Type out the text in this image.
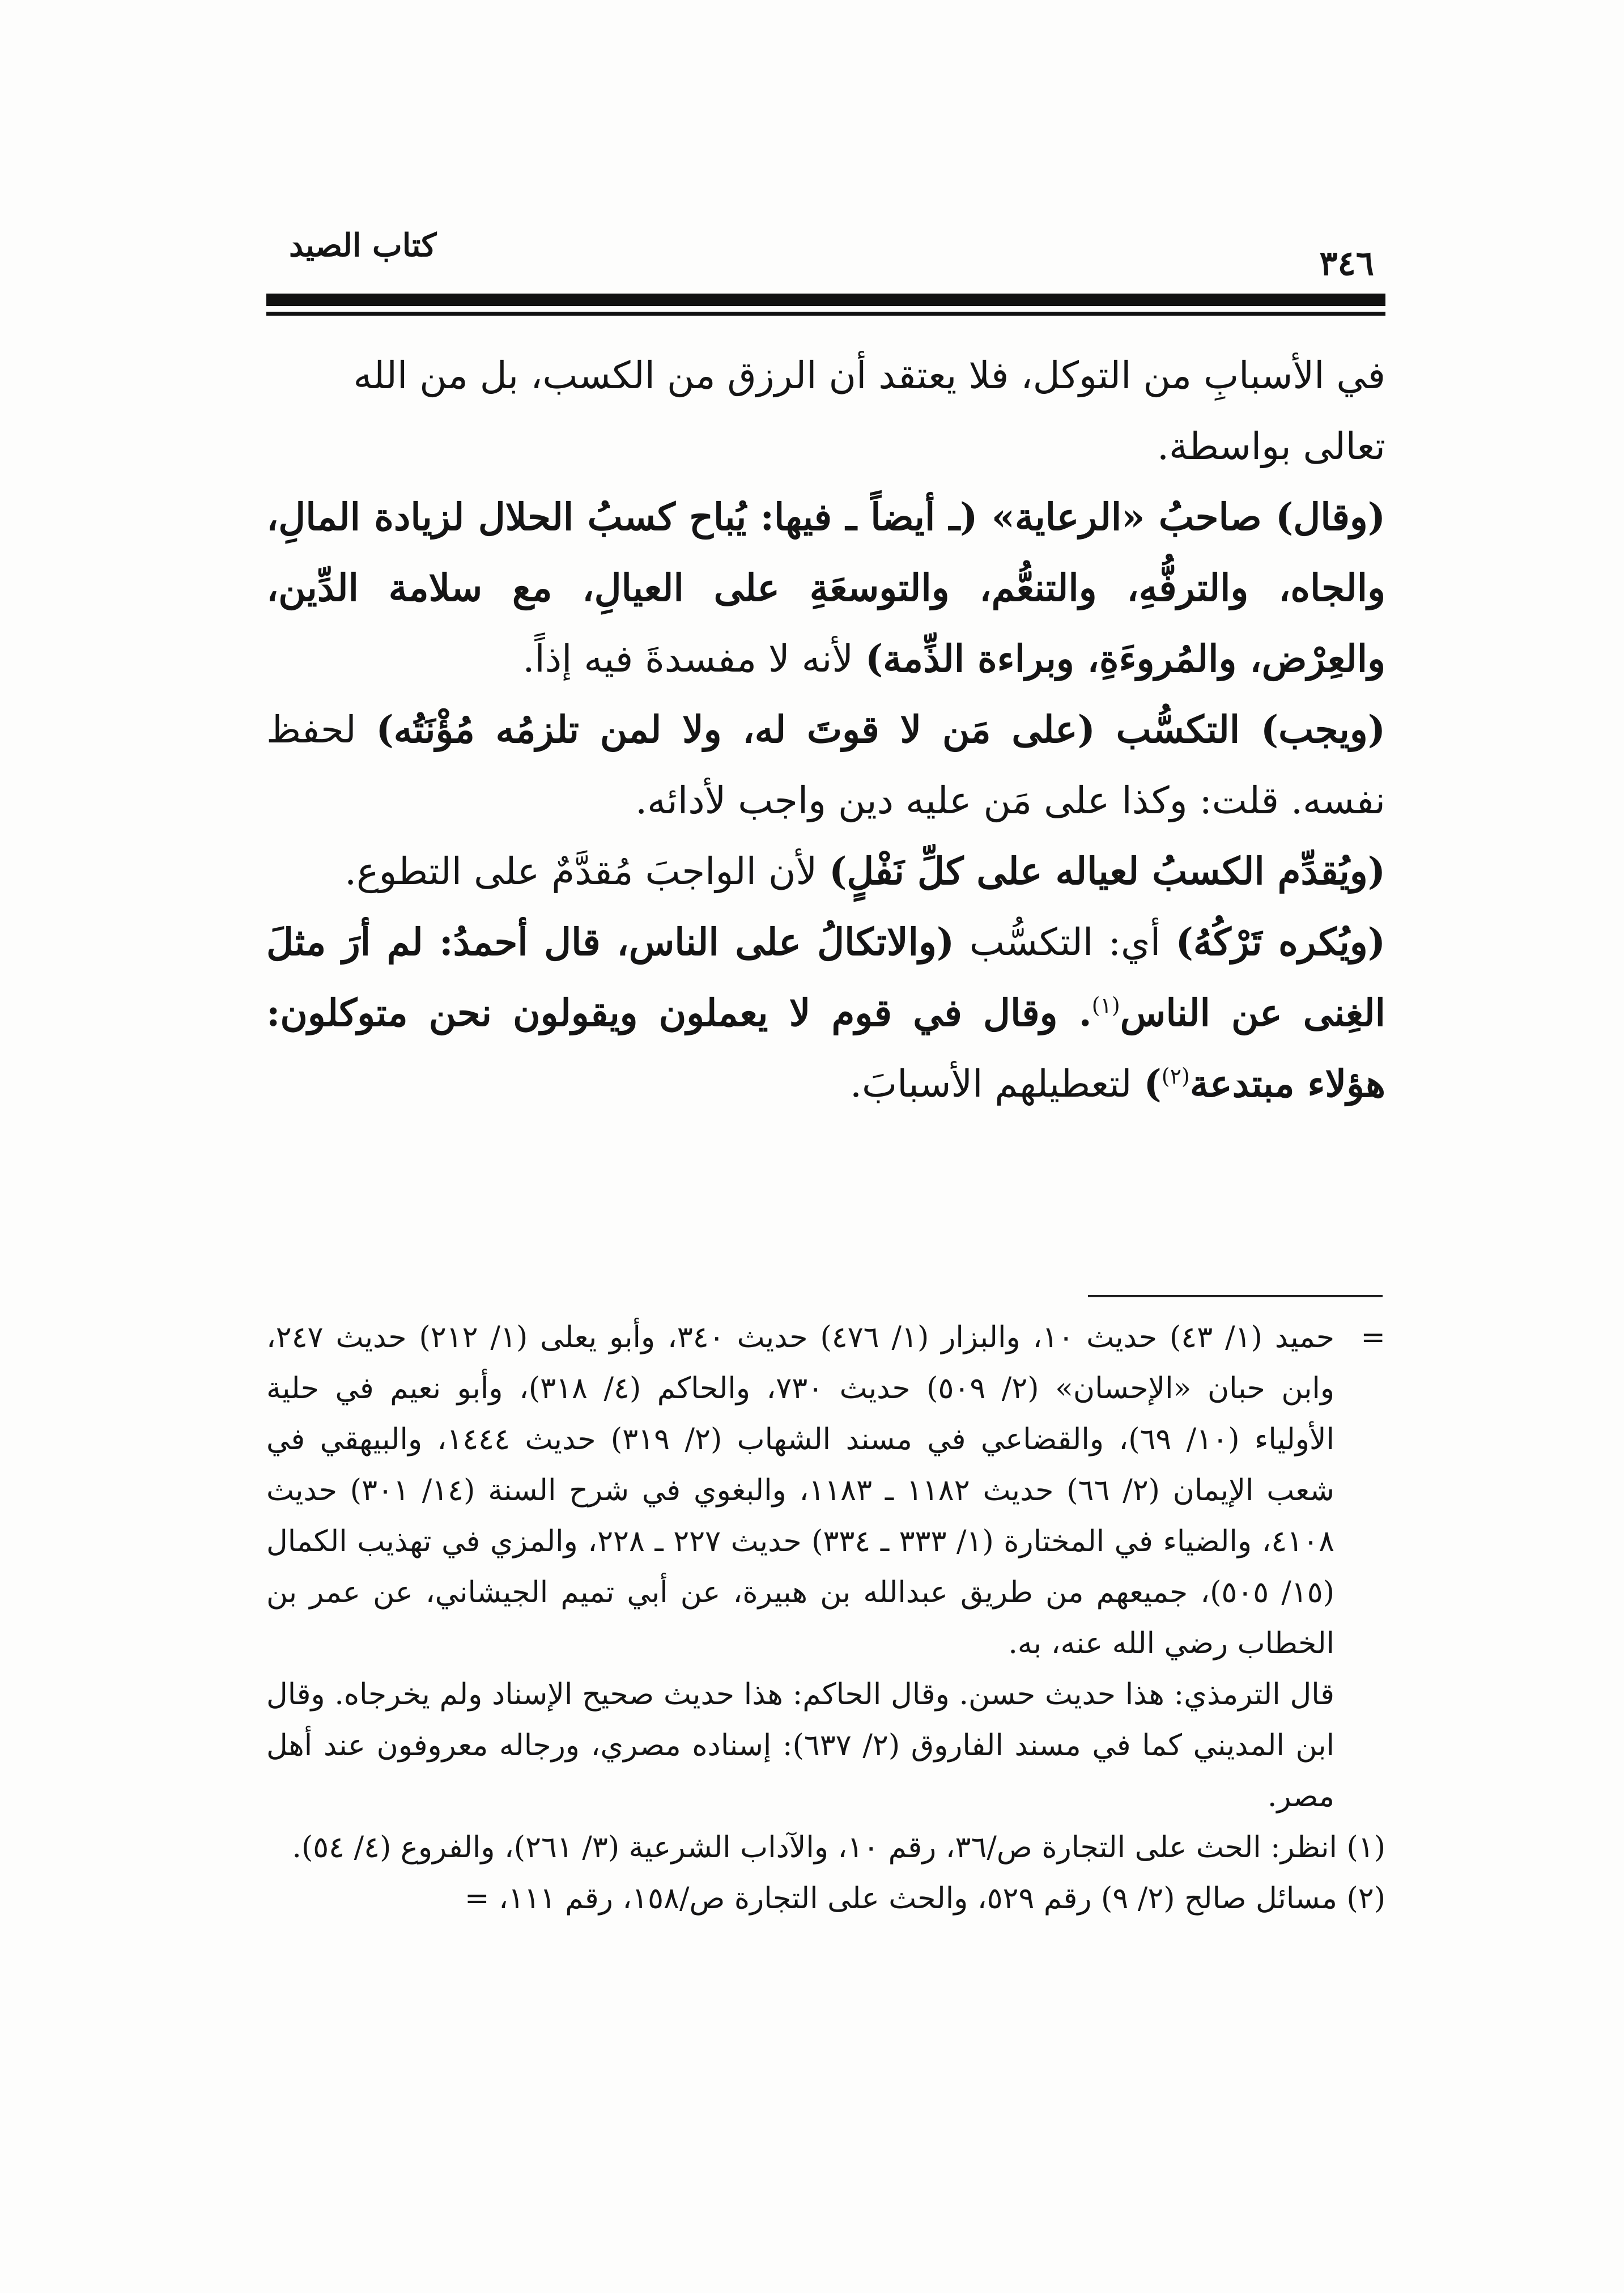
كتاب الصيد	٣٤٦

في الأسبابِ من التوكل، فلا يعتقد أن الرزق من الكسب، بل من الله
تعالى بواسطة.

(وقال) صاحبُ «الرعاية» (ـ أيضاً ـ فيها: يُباح كسبُ الحلال لزيادة المالِ، والجاه، والترفُّهِ، والتنعُّم، والتوسعَةِ على العيالِ، مع سلامة الدِّين، والعِرْض، والمُروءَةِ، وبراءة الذِّمة) لأنه لا مفسدةَ فيه إذاً.

(ويجب) التكسُّب (على مَن لا قوتَ له، ولا لمن تلزمُه مُؤْنَتُه) لحفظ نفسه. قلت: وكذا على مَن عليه دين واجب لأدائه.

(ويُقدِّم الكسبُ لعياله على كلِّ نَفْلٍ) لأن الواجبَ مُقدَّمٌ على التطوع.

(ويُكره تَرْكُهُ) أي: التكسُّب (والاتكالُ على الناس، قال أحمدُ: لم أرَ مثلَ الغِنى عن الناس$^{(١)}$. وقال في قوم لا يعملون ويقولون نحن متوكلون: هؤلاء مبتدعة$^{(٢)}$) لتعطيلهم الأسبابَ.

=
حميد (١/ ٤٣) حديث ١٠، والبزار (١/ ٤٧٦) حديث ٣٤٠، وأبو يعلى (١/ ٢١٢) حديث ٢٤٧، وابن حبان «الإحسان» (٢/ ٥٠٩) حديث ٧٣٠، والحاكم (٤/ ٣١٨)، وأبو نعيم في حلية الأولياء (١٠/ ٦٩)، والقضاعي في مسند الشهاب (٢/ ٣١٩) حديث ١٤٤٤، والبيهقي في شعب الإيمان (٢/ ٦٦) حديث ١١٨٢ ـ ١١٨٣، والبغوي في شرح السنة (١٤/ ٣٠١) حديث ٤١٠٨، والضياء في المختارة (١/ ٣٣٣ ـ ٣٣٤) حديث ٢٢٧ ـ ٢٢٨، والمزي في تهذيب الكمال (١٥/ ٥٠٥)، جميعهم من طريق عبدالله بن هبيرة، عن أبي تميم الجيشاني، عن عمر بن الخطاب رضي الله عنه، به.

قال الترمذي: هذا حديث حسن. وقال الحاكم: هذا حديث صحيح الإسناد ولم يخرجاه. وقال ابن المديني كما في مسند الفاروق (٢/ ٦٣٧): إسناده مصري، ورجاله معروفون عند أهل مصر.

(١) انظر: الحث على التجارة ص/٣٦، رقم ١٠، والآداب الشرعية (٣/ ٢٦١)، والفروع (٤/ ٥٤).

(٢) مسائل صالح (٢/ ٩) رقم ٥٢٩، والحث على التجارة ص/١٥٨، رقم ١١١، =
